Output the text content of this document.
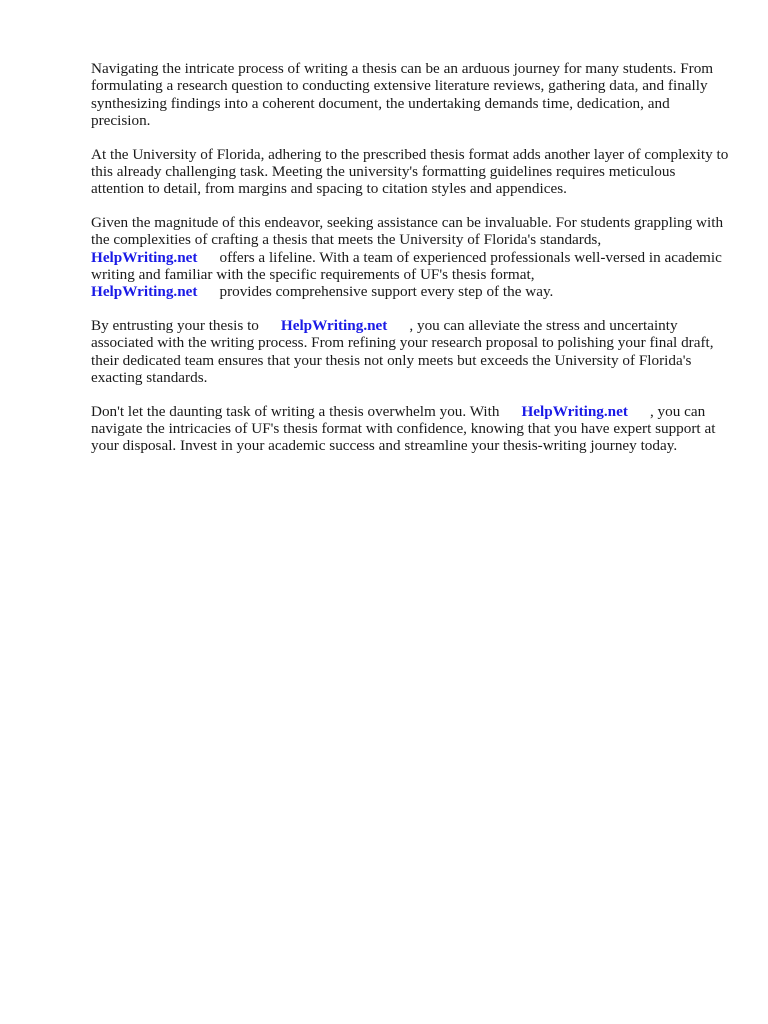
Navigating the intricate process of writing a thesis can be an arduous journey for many students. From formulating a research question to conducting extensive literature reviews, gathering data, and finally synthesizing findings into a coherent document, the undertaking demands time, dedication, and precision.

At the University of Florida, adhering to the prescribed thesis format adds another layer of complexity to this already challenging task. Meeting the university's formatting guidelines requires meticulous attention to detail, from margins and spacing to citation styles and appendices.

Given the magnitude of this endeavor, seeking assistance can be invaluable. For students grappling with the complexities of crafting a thesis that meets the University of Florida's standards,
HelpWriting.net offers a lifeline. With a team of experienced professionals well-versed in academic writing and familiar with the specific requirements of UF's thesis format,
HelpWriting.net provides comprehensive support every step of the way.

By entrusting your thesis to HelpWriting.net , you can alleviate the stress and uncertainty associated with the writing process. From refining your research proposal to polishing your final draft, their dedicated team ensures that your thesis not only meets but exceeds the University of Florida's exacting standards.

Don't let the daunting task of writing a thesis overwhelm you. With HelpWriting.net , you can navigate the intricacies of UF's thesis format with confidence, knowing that you have expert support at your disposal. Invest in your academic success and streamline your thesis-writing journey today.
